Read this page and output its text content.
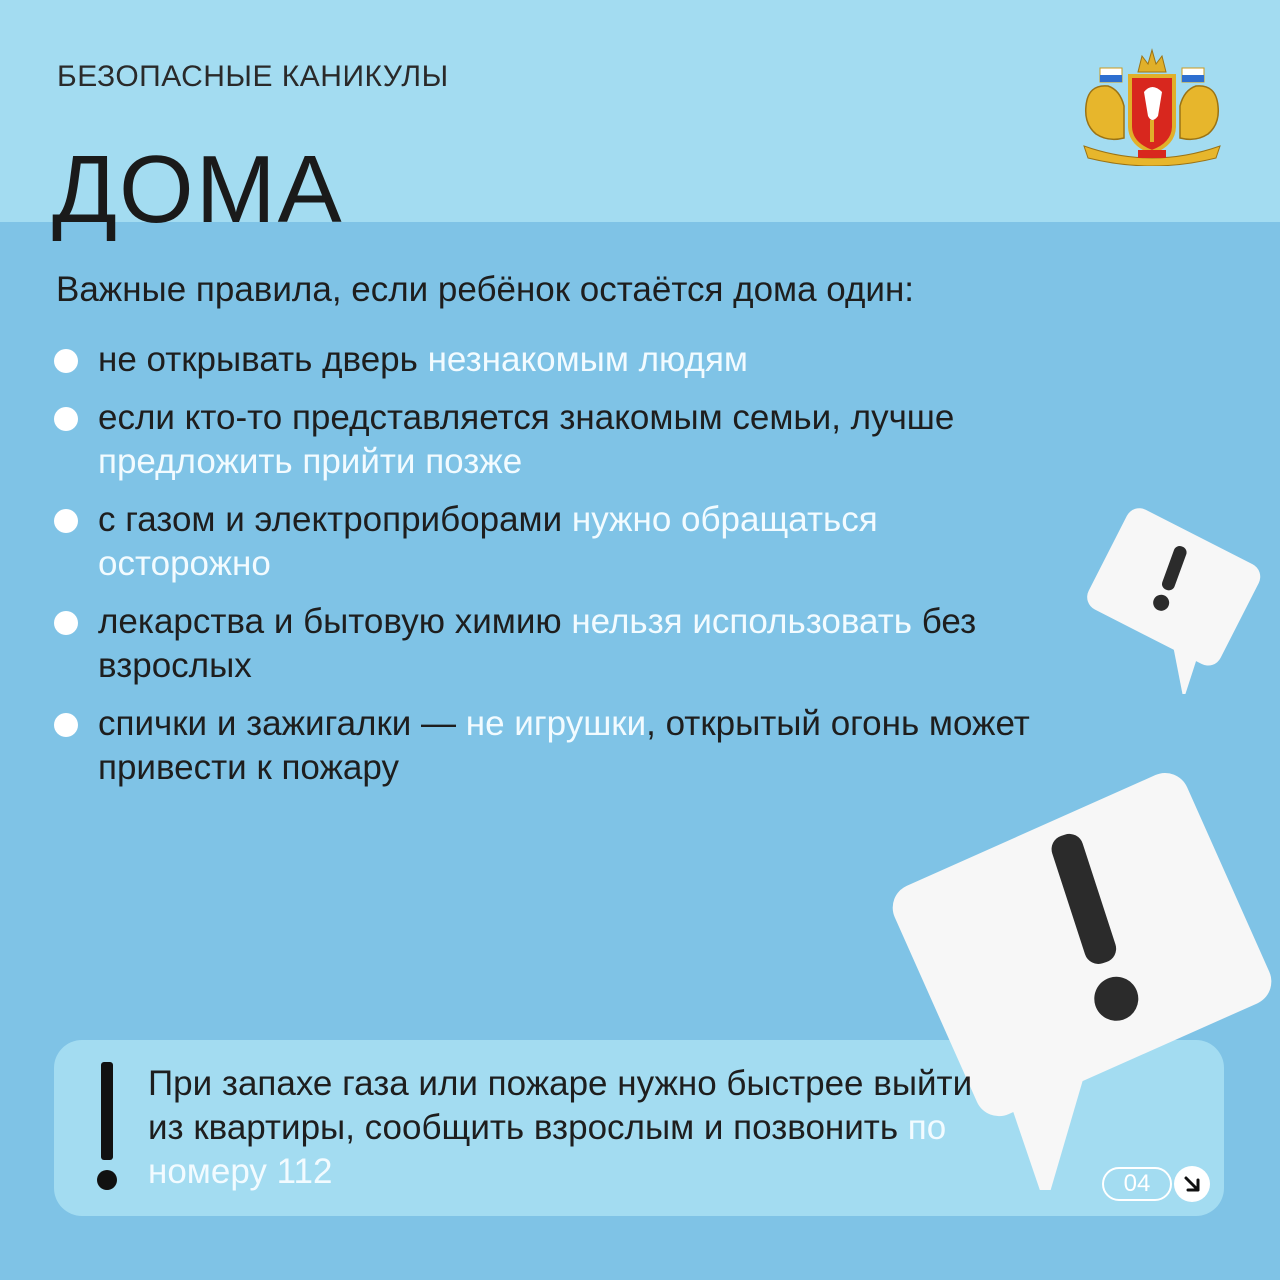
БЕЗОПАСНЫЕ КАНИКУЛЫ
ДОМА
Важные правила, если ребёнок остаётся дома один:
не открывать дверь незнакомым людям
если кто-то представляется знакомым семьи, лучше предложить прийти позже
с газом и электроприборами нужно обращаться осторожно
лекарства и бытовую химию нельзя использовать без взрослых
спички и зажигалки — не игрушки, открытый огонь может привести к пожару
При запахе газа или пожаре нужно быстрее выйти из квартиры, сообщить взрослым и позвонить по номеру 112	04
